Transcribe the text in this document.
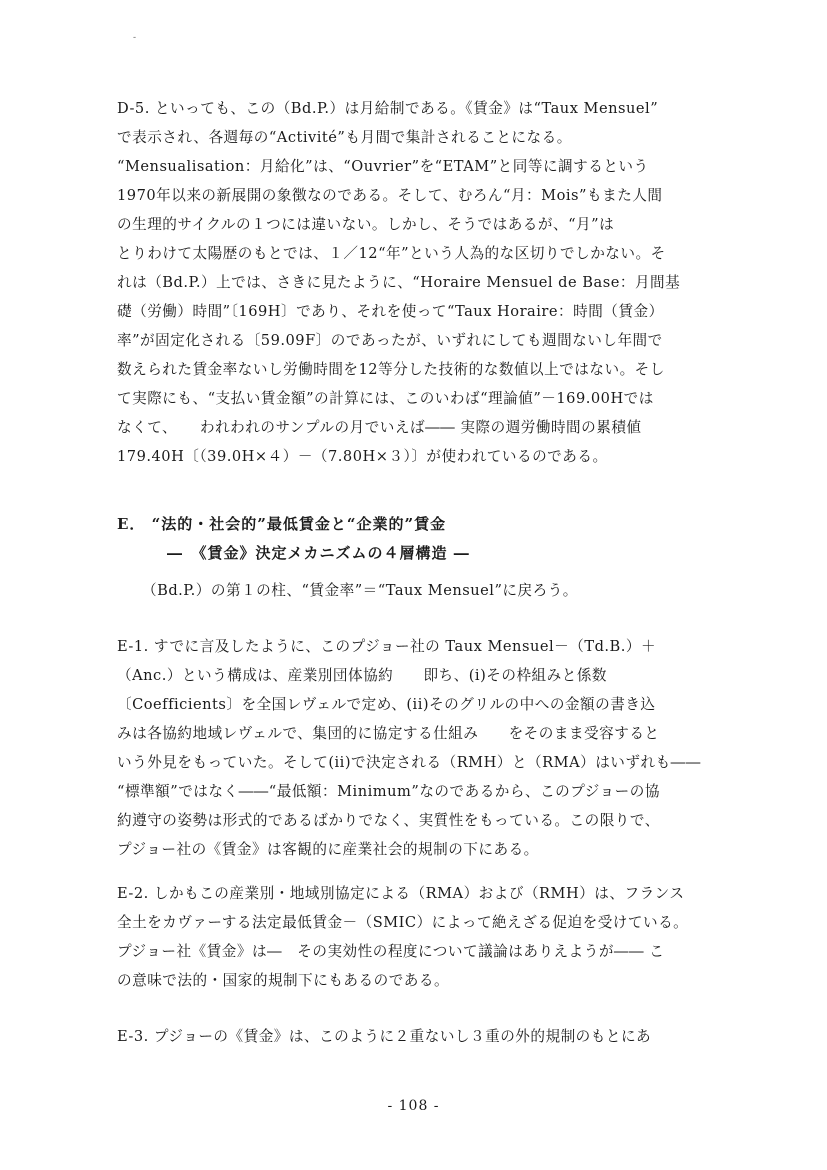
-
D-5. といっても、この（Bd.P.）は月給制である。《賃金》は“Taux Mensuel”
で表示され、各週毎の“Activité”も月間で集計されることになる。
“Mensualisation：月給化”は、“Ouvrier”を“ETAM”と同等に調するという
1970年以来の新展開の象徴なのである。そして、むろん“月：Mois”もまた人間
の生理的サイクルの１つには違いない。しかし、そうではあるが、“月”は
とりわけて太陽歴のもとでは、１／12“年”という人為的な区切りでしかない。そ
れは（Bd.P.）上では、さきに見たように、“Horaire Mensuel de Base：月間基
礎（労働）時間”〔169H〕であり、それを使って“Taux Horaire：時間（賃金）
率”が固定化される〔59.09F〕のであったが、いずれにしても週間ないし年間で
数えられた賃金率ないし労働時間を12等分した技術的な数値以上ではない。そし
て実際にも、“支払い賃金額”の計算には、このいわば“理論値”－169.00Hでは
なくて、　　われわれのサンプルの月でいえば―― 実際の週労働時間の累積値
179.40H〔（39.0H×４）－（7.80H×３）〕が使われているのである。
E． “法的・社会的”最低賃金と“企業的”賃金
―　《賃金》決定メカニズムの４層構造 ―
（Bd.P.）の第１の柱、“賃金率”＝“Taux Mensuel”に戻ろう。
E-1. すでに言及したように、このプジョー社の Taux Mensuel－（Td.B.）＋
（Anc.）という構成は、産業別団体協約　　即ち、(i)その枠組みと係数
〔Coefficients〕を全国レヴェルで定め、(ii)そのグリルの中への金額の書き込
みは各協約地域レヴェルで、集団的に協定する仕組み　　をそのまま受容すると
いう外見をもっていた。そして(ii)で決定される（RMH）と（RMA）はいずれも――
“標準額”ではなく――“最低額：Minimum”なのであるから、このプジョーの協
約遵守の姿勢は形式的であるばかりでなく、実質性をもっている。この限りで、
プジョー社の《賃金》は客観的に産業社会的規制の下にある。
E-2. しかもこの産業別・地域別協定による（RMA）および（RMH）は、フランス
全土をカヴァーする法定最低賃金－（SMIC）によって絶えざる促迫を受けている。
プジョー社《賃金》は―　その実効性の程度について議論はありえようが―― こ
の意味で法的・国家的規制下にもあるのである。
E-3. プジョーの《賃金》は、このように２重ないし３重の外的規制のもとにあ
- 108 -
